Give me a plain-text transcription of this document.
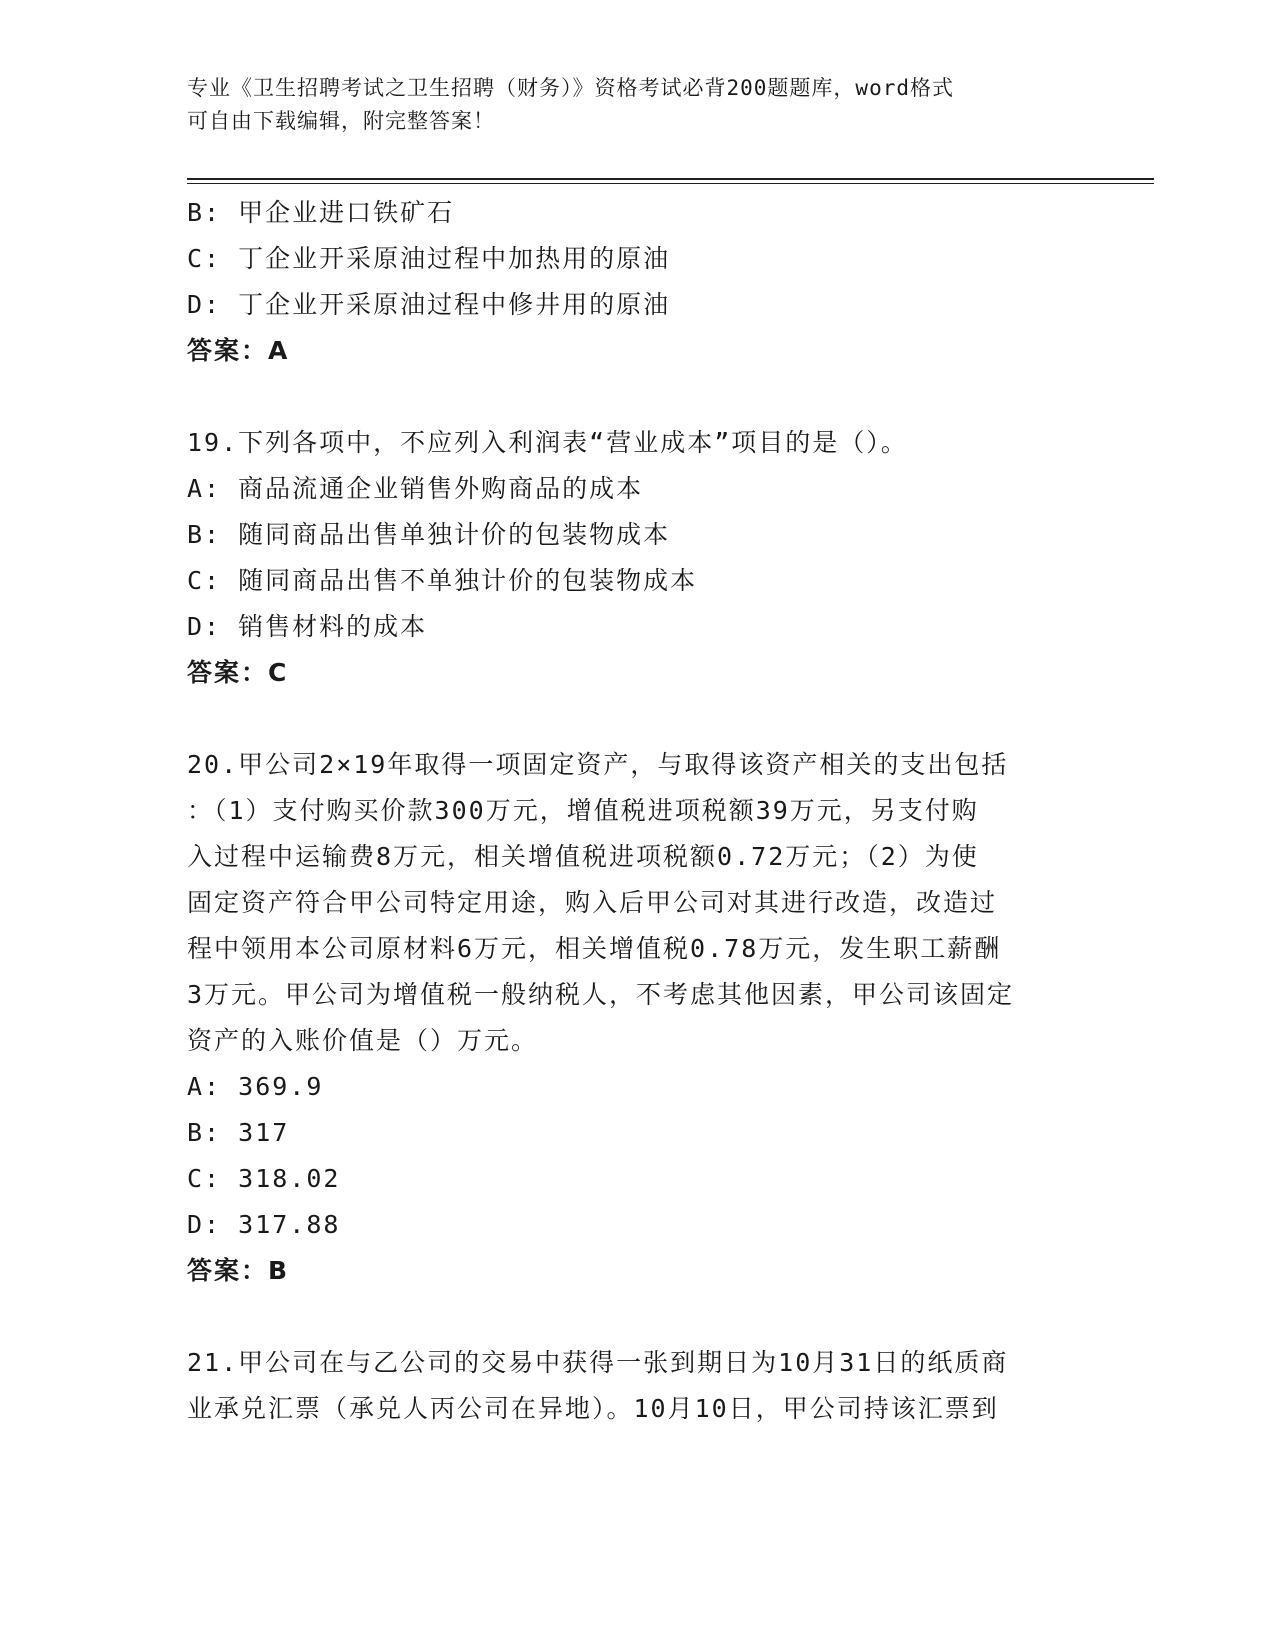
专业《卫生招聘考试之卫生招聘（财务）》资格考试必背200题题库，word格式
可自由下载编辑，附完整答案！
B: 甲企业进口铁矿石
C: 丁企业开采原油过程中加热用的原油
D: 丁企业开采原油过程中修井用的原油
答案：A
19.下列各项中，不应列入利润表“营业成本”项目的是（）。
A: 商品流通企业销售外购商品的成本
B: 随同商品出售单独计价的包装物成本
C: 随同商品出售不单独计价的包装物成本
D: 销售材料的成本
答案：C
20.甲公司2×19年取得一项固定资产，与取得该资产相关的支出包括
：（1）支付购买价款300万元，增值税进项税额39万元，另支付购
入过程中运输费8万元，相关增值税进项税额0.72万元；（2）为使
固定资产符合甲公司特定用途，购入后甲公司对其进行改造，改造过
程中领用本公司原材料6万元，相关增值税0.78万元，发生职工薪酬
3万元。甲公司为增值税一般纳税人，不考虑其他因素，甲公司该固定
资产的入账价值是（）万元。
A: 369.9
B: 317
C: 318.02
D: 317.88
答案：B
21.甲公司在与乙公司的交易中获得一张到期日为10月31日的纸质商
业承兑汇票（承兑人丙公司在异地）。10月10日，甲公司持该汇票到
